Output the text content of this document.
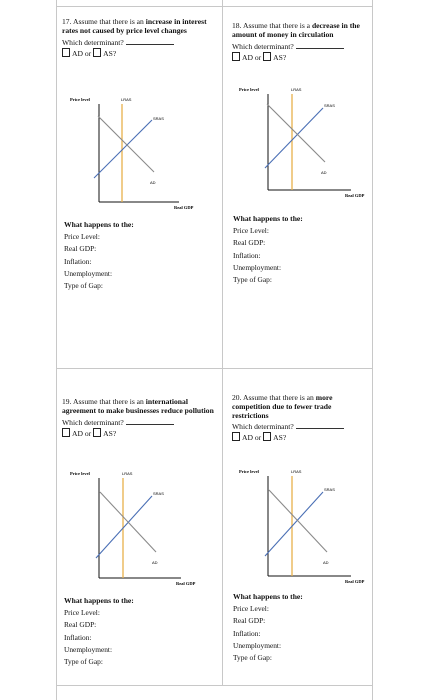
17. Assume that there is an increase in interest rates not caused by price level changes
Which determinant?
AD or AS?
Price level	LRAS
SRAS
AD
Real GDP
What happens to the:
Price Level:
Real GDP:
Inflation:
Unemployment:
Type of Gap:
18. Assume that there is a decrease in the amount of money in circulation
Which determinant?
AD or AS?
Price level	LRAS
SRAS
AD
Real GDP
What happens to the:
Price Level:
Real GDP:
Inflation:
Unemployment:
Type of Gap:
19. Assume that there is an international agreement to make businesses reduce pollution
Which determinant?
AD or AS?
Price level	LRAS
SRAS
AD
Real GDP
What happens to the:
Price Level:
Real GDP:
Inflation:
Unemployment:
Type of Gap:
20. Assume that there is an more competition due to fewer trade restrictions
Which determinant?
AD or AS?
Price level	LRAS
SRAS
AD
Real GDP
What happens to the:
Price Level:
Real GDP:
Inflation:
Unemployment:
Type of Gap:
